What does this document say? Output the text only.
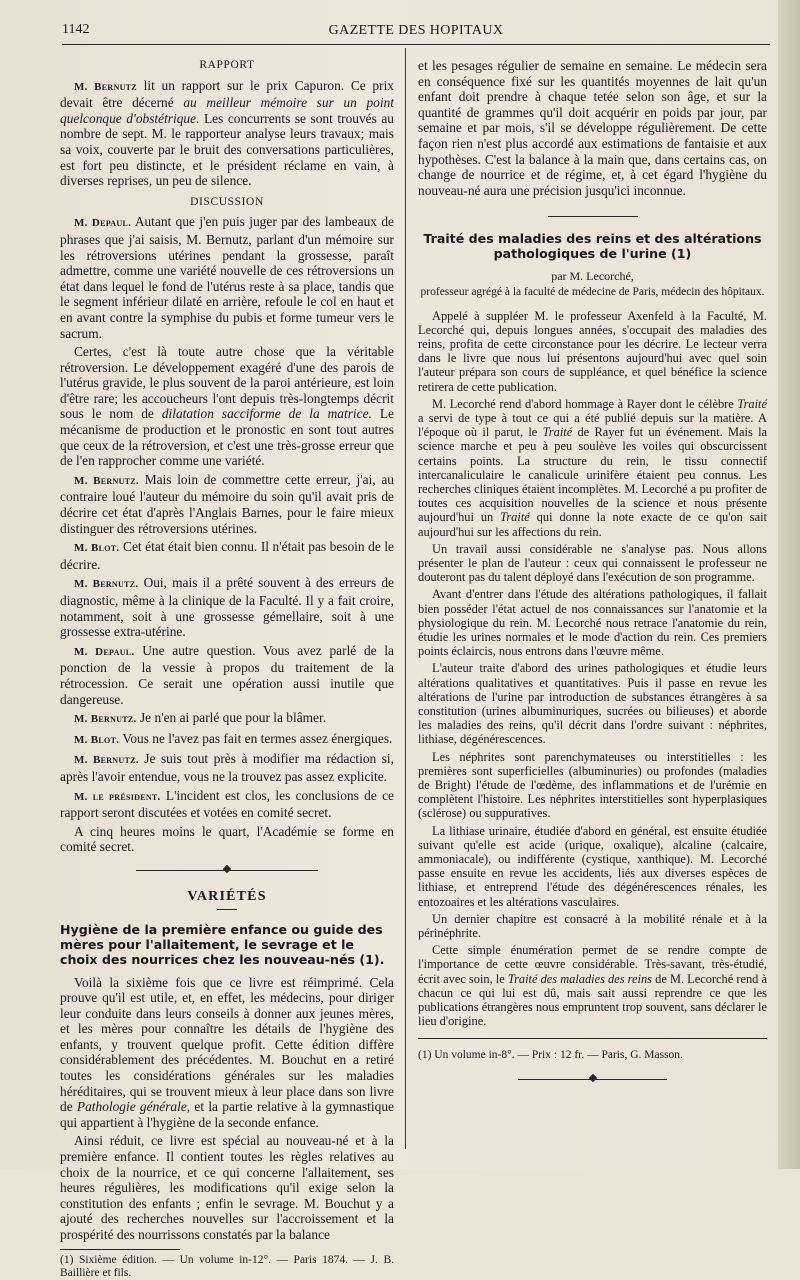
1142	GAZETTE DES HOPITAUX
RAPPORT

M. Bernutz lit un rapport sur le prix Capuron. Ce prix devait être décerné au meilleur mémoire sur un point quelconque d'obstétrique. Les concurrents se sont trouvés au nombre de sept. M. le rapporteur analyse leurs travaux; mais sa voix, couverte par le bruit des conversations particulières, est fort peu distincte, et le président réclame en vain, à diverses reprises, un peu de silence.

DISCUSSION

M. Depaul. Autant que j'en puis juger par des lambeaux de phrases que j'ai saisis, M. Bernutz, parlant d'un mémoire sur les rétroversions utérines pendant la grossesse, paraît admettre, comme une variété nouvelle de ces rétroversions un état dans lequel le fond de l'utérus reste à sa place, tandis que le segment inférieur dilaté en arrière, refoule le col en haut et en avant contre la symphise du pubis et forme tumeur vers le sacrum.

Certes, c'est là toute autre chose que la véritable rétroversion. Le développement exagéré d'une des parois de l'utérus gravide, le plus souvent de la paroi antérieure, est loin d'être rare; les accoucheurs l'ont depuis très-longtemps décrit sous le nom de dilatation sacciforme de la matrice. Le mécanisme de production et le pronostic en sont tout autres que ceux de la rétroversion, et c'est une très-grosse erreur que de l'en rapprocher comme une variété.

M. Bernutz. Mais loin de commettre cette erreur, j'ai, au contraire loué l'auteur du mémoire du soin qu'il avait pris de décrire cet état d'après l'Anglais Barnes, pour le faire mieux distinguer des rétroversions utérines.

M. Blot. Cet état était bien connu. Il n'était pas besoin de le décrire.

M. Bernutz. Oui, mais il a prêté souvent à des erreurs de diagnostic, même à la clinique de la Faculté. Il y a fait croire, notamment, soit à une grossesse gémellaire, soit à une grossesse extra-utérine.

M. Depaul. Une autre question. Vous avez parlé de la ponction de la vessie à propos du traitement de la rétrocession. Ce serait une opération aussi inutile que dangereuse.

M. Bernutz. Je n'en ai parlé que pour la blâmer.

M. Blot. Vous ne l'avez pas fait en termes assez énergiques.

M. Bernutz. Je suis tout près à modifier ma rédaction si, après l'avoir entendue, vous ne la trouvez pas assez explicite.

M. le président. L'incident est clos, les conclusions de ce rapport seront discutées et votées en comité secret.

A cinq heures moins le quart, l'Académie se forme en comité secret.

VARIÉTÉS
Hygiène de la première enfance ou guide des mères pour l'allaitement, le sevrage et le choix des nourrices chez les nouveau-nés (1).

Voilà la sixième fois que ce livre est réimprimé. Cela prouve qu'il est utile, et, en effet, les médecins, pour diriger leur conduite dans leurs conseils à donner aux jeunes mères, et les mères pour connaître les détails de l'hygiène des enfants, y trouvent quelque profit. Cette édition diffère considérablement des précédentes. M. Bouchut en a retiré toutes les considérations générales sur les maladies héréditaires, qui se trouvent mieux à leur place dans son livre de Pathologie générale, et la partie relative à la gymnastique qui appartient à l'hygiène de la seconde enfance.

Ainsi réduit, ce livre est spécial au nouveau-né et à la première enfance. Il contient toutes les règles relatives au choix de la nourrice, et ce qui concerne l'allaitement, ses heures régulières, les modifications qu'il exige selon la constitution des enfants ; enfin le sevrage. M. Bouchut y a ajouté des recherches nouvelles sur l'accroissement et la prospérité des nourrissons constatés par la balance

(1) Sixième édition. — Un volume in-12°. — Paris 1874. — J. B. Baillière et fils.

et les pesages régulier de semaine en semaine. Le médecin sera en conséquence fixé sur les quantités moyennes de lait qu'un enfant doit prendre à chaque tetée selon son âge, et sur la quantité de grammes qu'il doit acquérir en poids par jour, par semaine et par mois, s'il se développe régulièrement. De cette façon rien n'est plus accordé aux estimations de fantaisie et aux hypothèses. C'est la balance à la main que, dans certains cas, on change de nourrice et de régime, et, à cet égard l'hygiène du nouveau-né aura une précision jusqu'ici inconnue.

Traité des maladies des reins et des altérations pathologiques de l'urine (1)
par M. Lecorché,
professeur agrégé à la faculté de médecine de Paris, médecin des hôpitaux.

Appelé à suppléer M. le professeur Axenfeld à la Faculté, M. Lecorché qui, depuis longues années, s'occupait des maladies des reins, profita de cette circonstance pour les décrire. Le lecteur verra dans le livre que nous lui présentons aujourd'hui avec quel soin l'auteur prépara son cours de suppléance, et quel bénéfice la science retirera de cette publication.

M. Lecorché rend d'abord hommage à Rayer dont le célèbre Traité a servi de type à tout ce qui a été publié depuis sur la matière. A l'époque où il parut, le Traité de Rayer fut un événement. Mais la science marche et peu à peu soulève les voiles qui obscurcissent certains points. La structure du rein, le tissu connectif intercanaliculaire le canalicule urinifère étaient peu connus. Les recherches cliniques étaient incomplètes. M. Lecorché a pu profiter de toutes ces acquisition nouvelles de la science et nous présente aujourd'hui un Traité qui donne la note exacte de ce qu'on sait aujourd'hui sur les affections du rein.

Un travail aussi considérable ne s'analyse pas. Nous allons présenter le plan de l'auteur : ceux qui connaissent le professeur ne douteront pas du talent déployé dans l'exécution de son programme.

Avant d'entrer dans l'étude des altérations pathologiques, il fallait bien posséder l'état actuel de nos connaissances sur l'anatomie et la physiologique du rein. M. Lecorché nous retrace l'anatomie du rein, étudie les urines normales et le mode d'action du rein. Ces premiers points éclaircis, nous entrons dans l'œuvre même.

L'auteur traite d'abord des urines pathologiques et étudie leurs altérations qualitatives et quantitatives. Puis il passe en revue les altérations de l'urine par introduction de substances étrangères à sa constitution (urines albuminuriques, sucrées ou bilieuses) et aborde les maladies des reins, qu'il décrit dans l'ordre suivant : néphrites, lithiase, dégénérescences.

Les néphrites sont parenchymateuses ou interstitielles : les premières sont superficielles (albuminuries) ou profondes (maladies de Bright) l'étude de l'œdème, des inflammations et de l'urémie en complètent l'histoire. Les néphrites interstitielles sont hyperplasiques (sclérose) ou suppuratives.

La lithiase urinaire, étudiée d'abord en général, est ensuite étudiée suivant qu'elle est acide (urique, oxalique), alcaline (calcaire, ammoniacale), ou indifférente (cystique, xanthique). M. Lecorché passe ensuite en revue les accidents, liés aux diverses espèces de lithiase, et entreprend l'étude des dégénérescences rénales, les entozoaires et les altérations vasculaires.

Un dernier chapitre est consacré à la mobilité rénale et à la périnéphrite.

Cette simple énumération permet de se rendre compte de l'importance de cette œuvre considérable. Très-savant, très-étudié, écrit avec soin, le Traité des maladies des reins de M. Lecorché rend à chacun ce qui lui est dû, mais sait aussi reprendre ce que les publications étrangères nous empruntent trop souvent, sans déclarer le lieu d'origine.

(1) Un volume in-8°. — Prix : 12 fr. — Paris, G. Masson.
